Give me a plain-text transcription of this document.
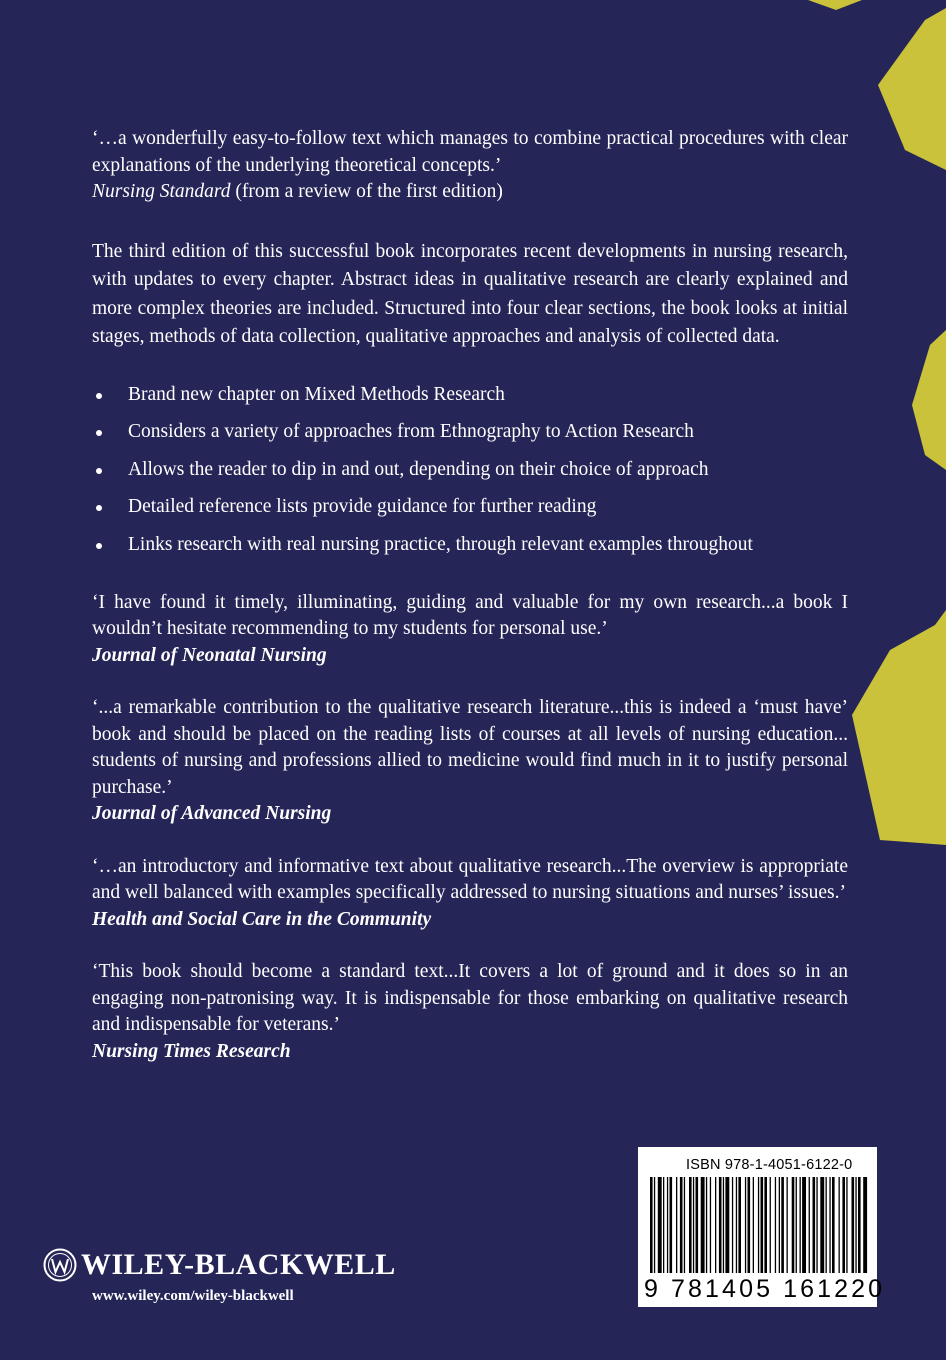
‘…a wonderfully easy-to-follow text which manages to combine practical procedures with clear explanations of the underlying theoretical concepts.’

Nursing Standard (from a review of the first edition)

The third edition of this successful book incorporates recent developments in nursing research, with updates to every chapter. Abstract ideas in qualitative research are clearly explained and more complex theories are included. Structured into four clear sections, the book looks at initial stages, methods of data collection, qualitative approaches and analysis of collected data.

Brand new chapter on Mixed Methods Research
Considers a variety of approaches from Ethnography to Action Research
Allows the reader to dip in and out, depending on their choice of approach
Detailed reference lists provide guidance for further reading
Links research with real nursing practice, through relevant examples throughout

‘I have found it timely, illuminating, guiding and valuable for my own research...a book I wouldn’t hesitate recommending to my students for personal use.’

Journal of Neonatal Nursing

‘...a remarkable contribution to the qualitative research literature...this is indeed a ‘must have’ book and should be placed on the reading lists of courses at all levels of nursing education... students of nursing and professions allied to medicine would find much in it to justify personal purchase.’

Journal of Advanced Nursing

‘…an introductory and informative text about qualitative research...The overview is appropriate and well balanced with examples specifically addressed to nursing situations and nurses’ issues.’

Health and Social Care in the Community

‘This book should become a standard text...It covers a lot of ground and it does so in an engaging non-patronising way. It is indispensable for those embarking on qualitative research and indispensable for veterans.’

Nursing Times Research

ISBN 978-1-4051-6122-0
9 781405 161220
WILEY-BLACKWELL
www.wiley.com/wiley-blackwell
